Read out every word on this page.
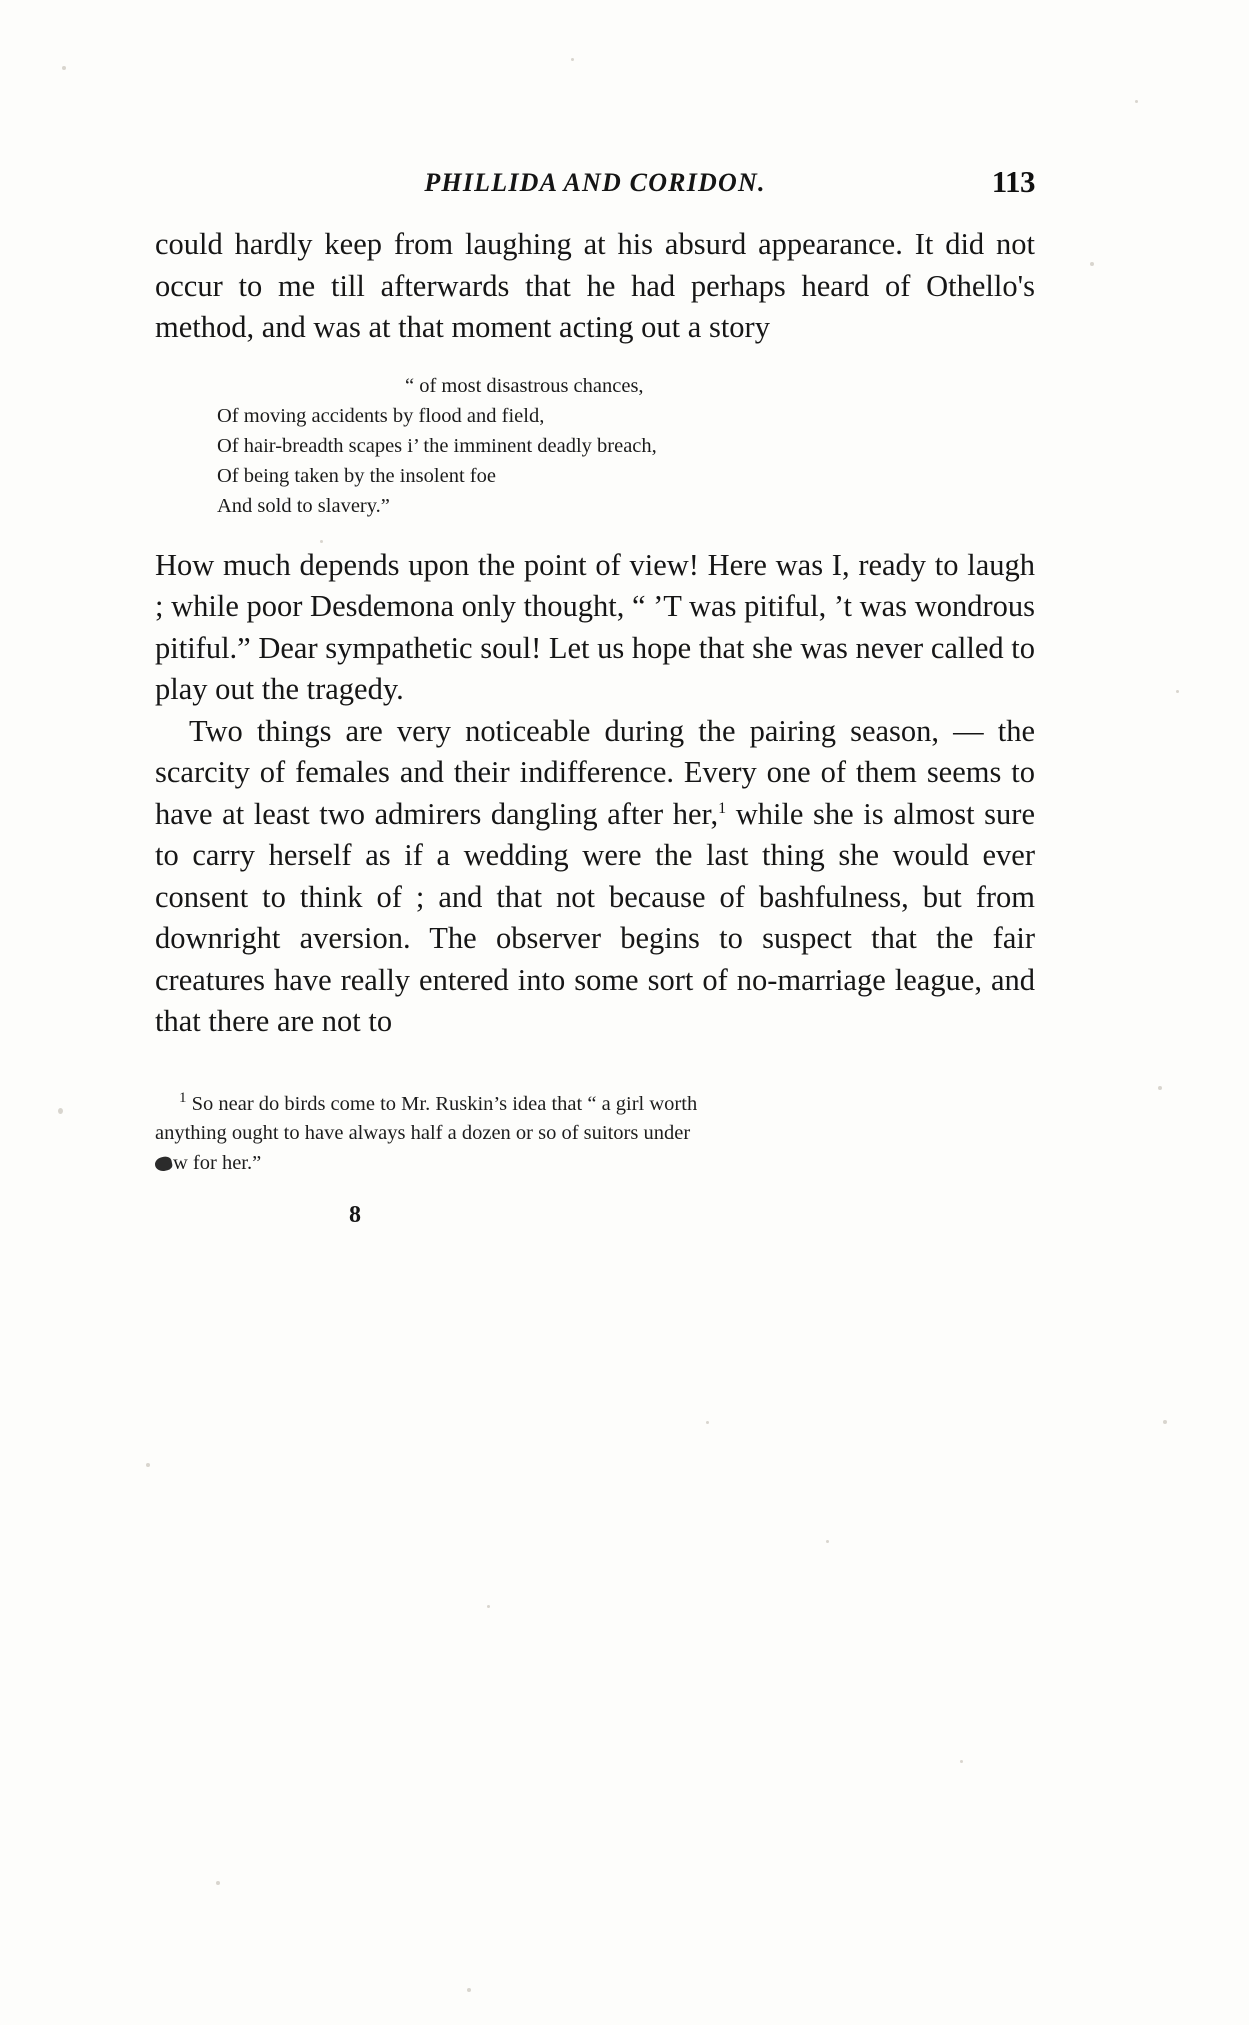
PHILLIDA AND CORIDON.	113

could hardly keep from laughing at his absurd appearance. It did not occur to me till afterwards that he had perhaps heard of Othello's method, and was at that moment acting out a story

“ of most disastrous chances,
Of moving accidents by flood and field,
Of hair-breadth scapes i’ the imminent deadly breach,
Of being taken by the insolent foe
And sold to slavery.”

How much depends upon the point of view! Here was I, ready to laugh ; while poor Desdemona only thought, “ ’T was pitiful, ’t was wondrous pitiful.” Dear sympathetic soul! Let us hope that she was never called to play out the tragedy.

Two things are very noticeable during the pairing season, — the scarcity of females and their indifference. Every one of them seems to have at least two admirers dangling after her,$^1$ while she is almost sure to carry herself as if a wedding were the last thing she would ever consent to think of ; and that not because of bashfulness, but from downright aversion. The observer begins to suspect that the fair creatures have really entered into some sort of no-marriage league, and that there are not to

$^1$ So near do birds come to Mr. Ruskin’s idea that “ a girl worth
anything ought to have always half a dozen or so of suitors under
w for her.”
8
